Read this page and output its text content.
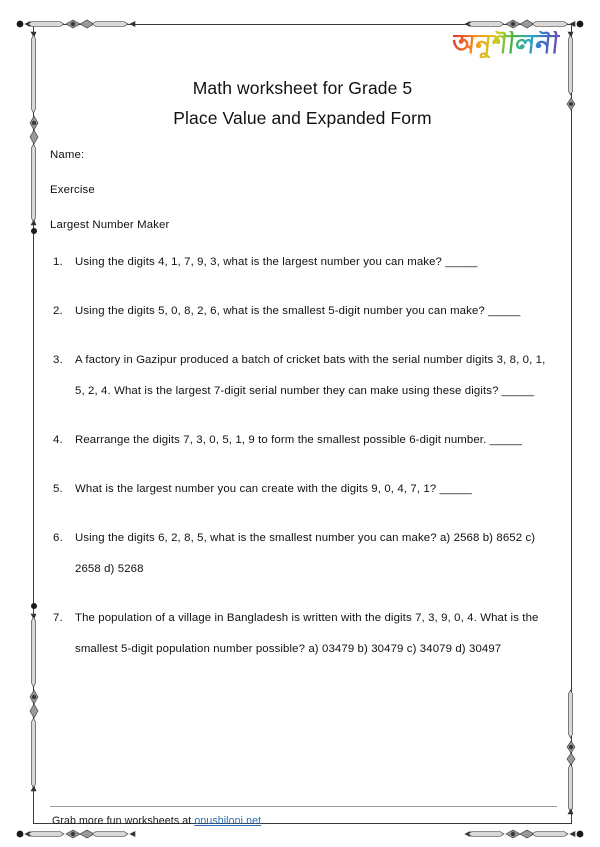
অনুশীলনী
Math worksheet for Grade 5
Place Value and Expanded Form

Name:

Exercise

Largest Number Maker

Using the digits 4, 1, 7, 9, 3, what is the largest number you can make? _____
Using the digits 5, 0, 8, 2, 6, what is the smallest 5-digit number you can make? _____
A factory in Gazipur produced a batch of cricket bats with the serial number digits 3, 8, 0, 1, 5, 2, 4. What is the largest 7-digit serial number they can make using these digits? _____
Rearrange the digits 7, 3, 0, 5, 1, 9 to form the smallest possible 6-digit number. _____
What is the largest number you can create with the digits 9, 0, 4, 7, 1? _____
Using the digits 6, 2, 8, 5, what is the smallest number you can make? a) 2568 b) 8652 c) 2658 d) 5268
The population of a village in Bangladesh is written with the digits 7, 3, 9, 0, 4. What is the smallest 5-digit population number possible? a) 03479 b) 30479 c) 34079 d) 30497
Grab more fun worksheets at onushiloni.net
